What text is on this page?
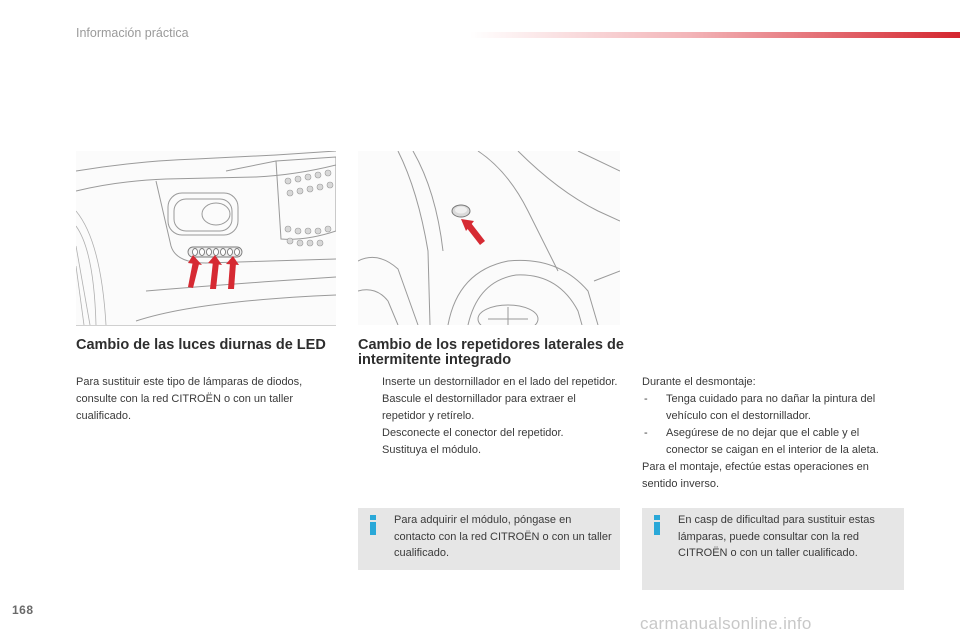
Información práctica
Cambio de las luces diurnas de LED

Para sustituir este tipo de lámparas de diodos, consulte con la red CITROËN o con un taller cualificado.

Cambio de los repetidores laterales de intermitente integrado
Inserte un destornillador en el lado del repetidor.
Bascule el destornillador para extraer el repetidor y retírelo.
Desconecte el conector del repetidor.
Sustituya el módulo.
Durante el desmontaje:
- Tenga cuidado para no dañar la pintura del vehículo con el destornillador.
- Asegúrese de no dejar que el cable y el conector se caigan en el interior de la aleta.
Para el montaje, efectúe estas operaciones en sentido inverso.
Para adquirir el módulo, póngase en contacto con la red CITROËN o con un taller cualificado.
En casp de dificultad para sustituir estas lámparas, puede consultar con la red CITROËN o con un taller cualificado.
168
carmanualsonline.info
